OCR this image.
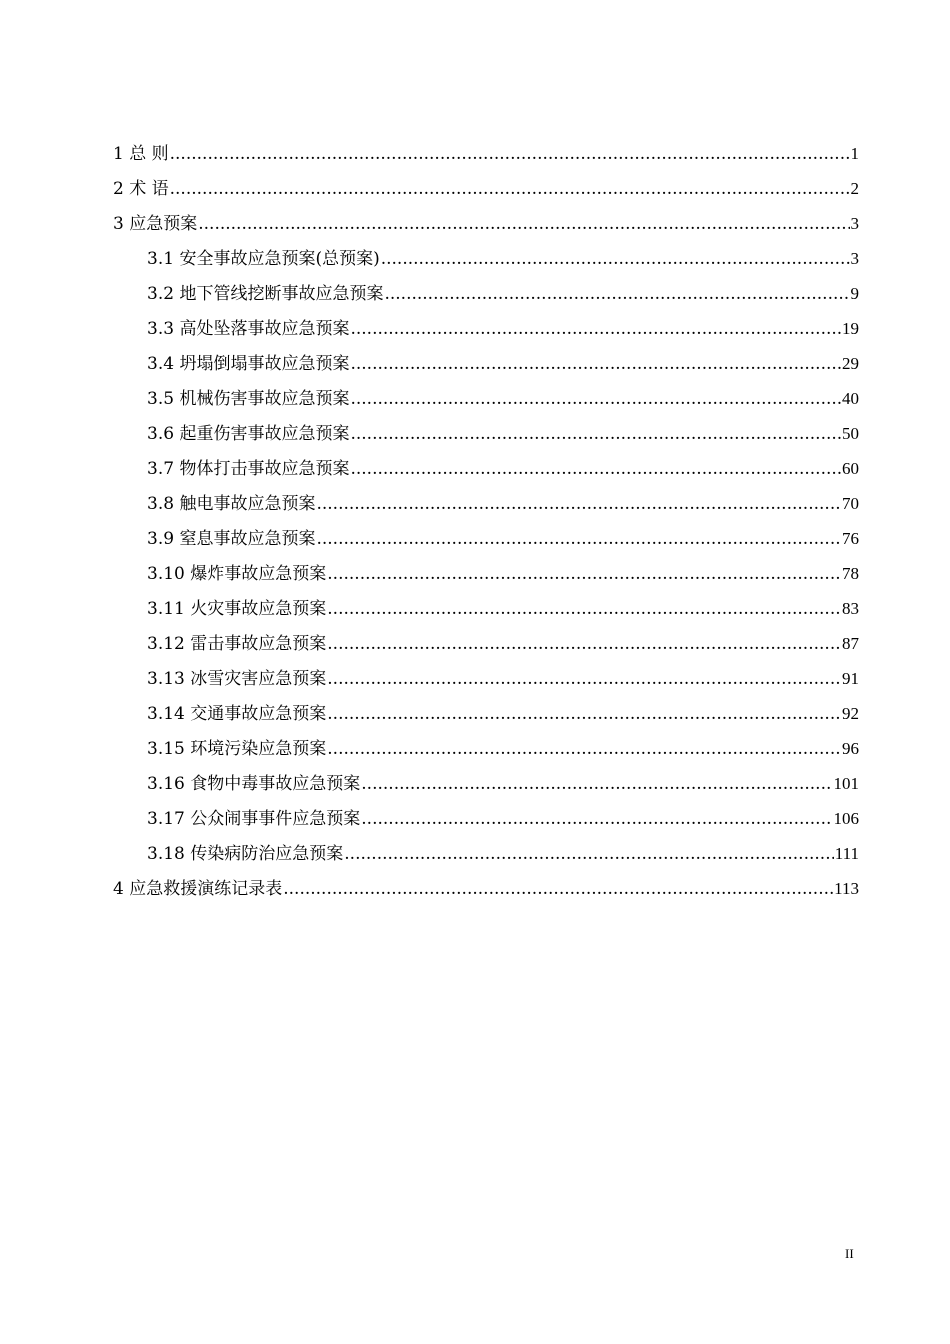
1 总 则 .....	1
2 术 语 .....	2
3 应急预案 .....	3
3.1 安全事故应急预案(总预案) .....	3
3.2 地下管线挖断事故应急预案 .....	9
3.3 高处坠落事故应急预案 .....	19
3.4 坍塌倒塌事故应急预案 .....	29
3.5 机械伤害事故应急预案 .....	40
3.6 起重伤害事故应急预案 .....	50
3.7 物体打击事故应急预案 .....	60
3.8 触电事故应急预案 .....	70
3.9 窒息事故应急预案 .....	76
3.10 爆炸事故应急预案 .....	78
3.11 火灾事故应急预案 .....	83
3.12 雷击事故应急预案 .....	87
3.13 冰雪灾害应急预案 .....	91
3.14 交通事故应急预案 .....	92
3.15 环境污染应急预案 .....	96
3.16 食物中毒事故应急预案 .....	101
3.17 公众闹事事件应急预案 .....	106
3.18 传染病防治应急预案 .....	111
4 应急救援演练记录表 .....	113
II
